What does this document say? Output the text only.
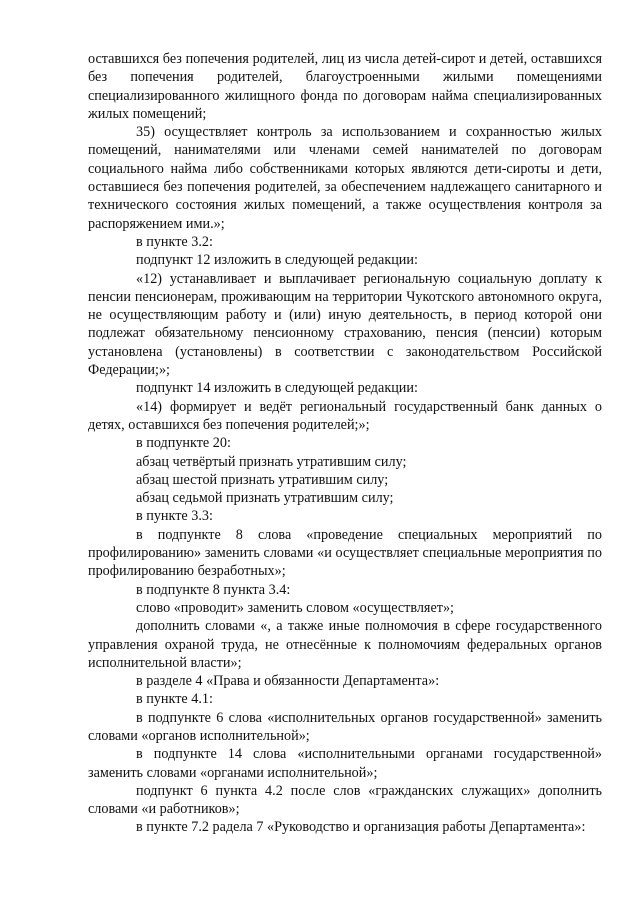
оставшихся без попечения родителей, лиц из числа детей-сирот и детей, оставшихся без попечения родителей, благоустроенными жилыми помещениями специализированного жилищного фонда по договорам найма специализированных жилых помещений;

35) осуществляет контроль за использованием и сохранностью жилых помещений, нанимателями или членами семей нанимателей по договорам социального найма либо собственниками которых являются дети-сироты и дети, оставшиеся без попечения родителей, за обеспечением надлежащего санитарного и технического состояния жилых помещений, а также осуществления контроля за распоряжением ими.»;

в пункте 3.2:

подпункт 12 изложить в следующей редакции:

«12) устанавливает и выплачивает региональную социальную доплату к пенсии пенсионерам, проживающим на территории Чукотского автономного округа, не осуществляющим работу и (или) иную деятельность, в период которой они подлежат обязательному пенсионному страхованию, пенсия (пенсии) которым установлена (установлены) в соответствии с законодательством Российской Федерации;»;

подпункт 14 изложить в следующей редакции:

«14) формирует и ведёт региональный государственный банк данных о детях, оставшихся без попечения родителей;»;

в подпункте 20:

абзац четвёртый признать утратившим силу;

абзац шестой признать утратившим силу;

абзац седьмой признать утратившим силу;

в пункте 3.3:

в подпункте 8 слова «проведение специальных мероприятий по профилированию» заменить словами «и осуществляет специальные мероприятия по профилированию безработных»;

в подпункте 8 пункта 3.4:

слово «проводит» заменить словом «осуществляет»;

дополнить словами «, а также иные полномочия в сфере государственного управления охраной труда, не отнесённые к полномочиям федеральных органов исполнительной власти»;

в разделе 4 «Права и обязанности Департамента»:

в пункте 4.1:

в подпункте 6 слова «исполнительных органов государственной» заменить словами «органов исполнительной»;

в подпункте 14 слова «исполнительными органами государственной» заменить словами «органами исполнительной»;

подпункт 6 пункта 4.2 после слов «гражданских служащих» дополнить словами «и работников»;

в пункте 7.2 радела 7 «Руководство и организация работы Департамента»:
